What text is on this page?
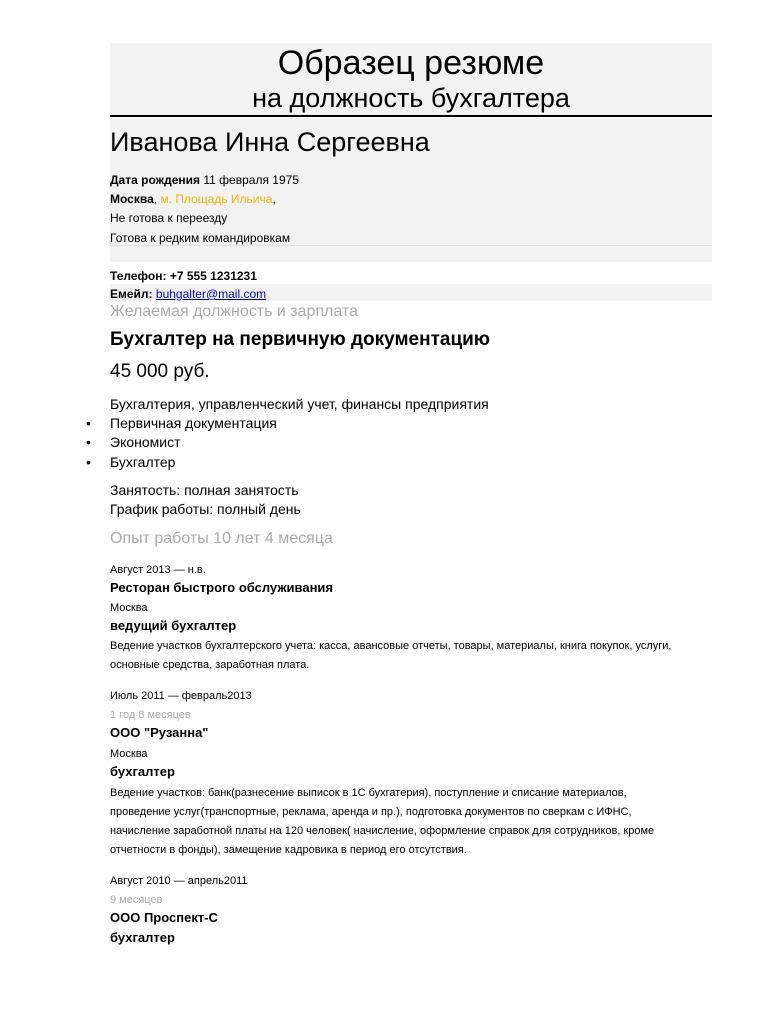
Образец резюме
на должность бухгалтера
Иванова Инна Сергеевна
Дата рождения 11 февраля 1975
Москва, м. Площадь Ильича,
Не готова к переезду
Готова к редким командировкам
Телефон: +7 555 1231231
Емейл: buhgalter@mail.com
Желаемая должность и зарплата
Бухгалтер на первичную документацию
45 000 руб.
Бухгалтерия, управленческий учет, финансы предприятия
• Первичная документация
• Экономист
• Бухгалтер
Занятость: полная занятость
График работы: полный день
Опыт работы 10 лет 4 месяца
Август 2013 — н.в.
Ресторан быстрого обслуживания
Москва
ведущий бухгалтер
Ведение участков бухгалтерского учета: касса, авансовые отчеты, товары, материалы, книга покупок, услуги,
основные средства, заработная плата.
Июль 2011 — февраль2013
1 год 8 месяцев
ООО "Рузанна"
Москва
бухгалтер
Ведение участков: банк(разнесение выписок в 1С бухгатерия), поступление и списание материалов,
проведение услуг(транспортные, реклама, аренда и пр.), подготовка документов по сверкам с ИФНС,
начисление заработной платы на 120 человек( начисление, оформление справок для сотрудников, кроме
отчетности в фонды), замещение кадровика в период его отсутствия.
Август 2010 — апрель2011
9 месяцев
ООО Проспект-С
бухгалтер
